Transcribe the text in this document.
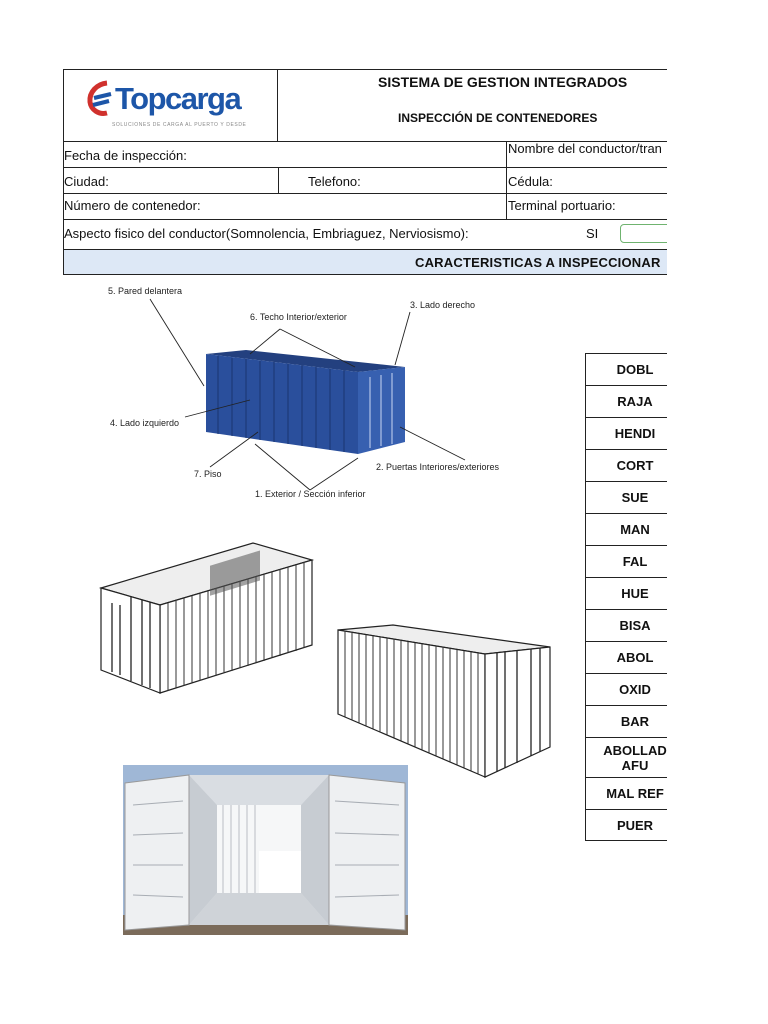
Topcarga
SOLUCIONES DE CARGA AL PUERTO Y DESDE
SISTEMA DE GESTION INTEGRADOS
INSPECCIÓN DE CONTENEDORES
Fecha de inspección:	Nombre del conductor/tran
Ciudad:	Telefono:	Cédula:
Número de contenedor:	Terminal portuario:
Aspecto fisico del conductor(Somnolencia, Embriaguez, Nerviosismo):	SI
CARACTERISTICAS A INSPECCIONAR
5. Pared delantera
6. Techo Interior/exterior
3. Lado derecho
4. Lado izquierdo
7. Piso
2. Puertas Interiores/exteriores
1. Exterior / Sección inferior
DOBL
RAJA
HENDI
CORT
SUE
MAN
FAL
HUE
BISA
ABOL
OXID
BAR
ABOLLAD
AFU
MAL REF
PUER
